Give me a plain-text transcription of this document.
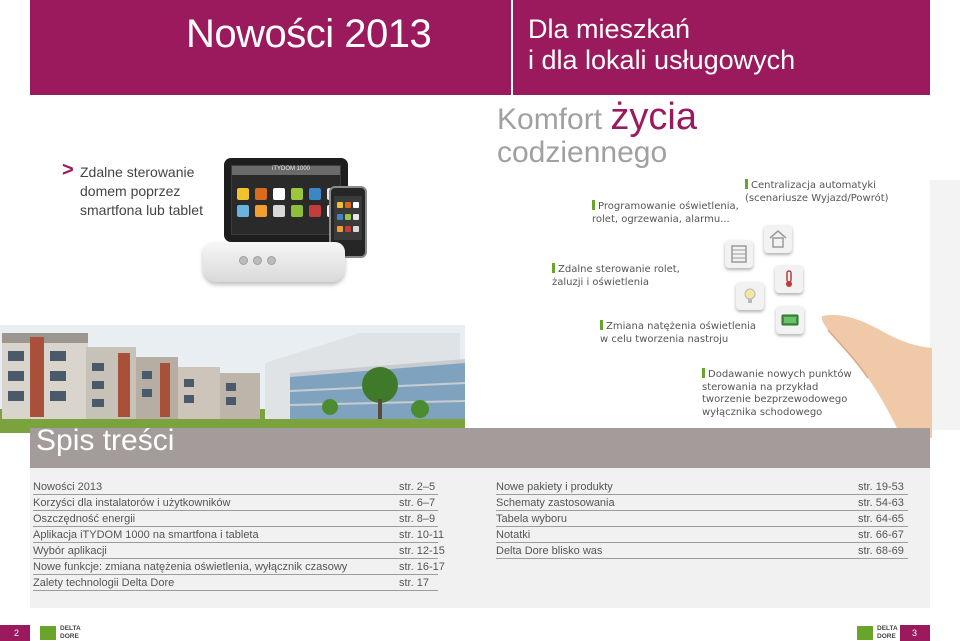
Nowości 2013	Dla mieszkań
i dla lokali usługowych
> Zdalne sterowanie
domem poprzez
smartfona lub tablet
iTYDOM 1000
Komfort życia
codziennego
Programowanie oświetlenia,
rolet, ogrzewania, alarmu...
Centralizacja automatyki
(scenariusze Wyjazd/Powrót)
Zdalne sterowanie rolet,
żaluzji i oświetlenia
Zmiana natężenia oświetlenia
w celu tworzenia nastroju
Dodawanie nowych punktów
sterowania na przykład
tworzenie bezprzewodowego
wyłącznika schodowego
Spis treści
Nowości 2013	str. 2–5
Korzyści dla instalatorów i użytkowników	str. 6–7
Oszczędność energii	str. 8–9
Aplikacja iTYDOM 1000 na smartfona i tableta	str. 10-11
Wybór aplikacji	str. 12-15
Nowe funkcje: zmiana natężenia oświetlenia, wyłącznik czasowy	str. 16-17
Zalety technologii Delta Dore	str. 17
Nowe pakiety i produkty	str. 19-53
Schematy zastosowania	str. 54-63
Tabela wyboru	str. 64-65
Notatki	str. 66-67
Delta Dore blisko was	str. 68-69
2	DELTA
DORE
DELTA
DORE	3
